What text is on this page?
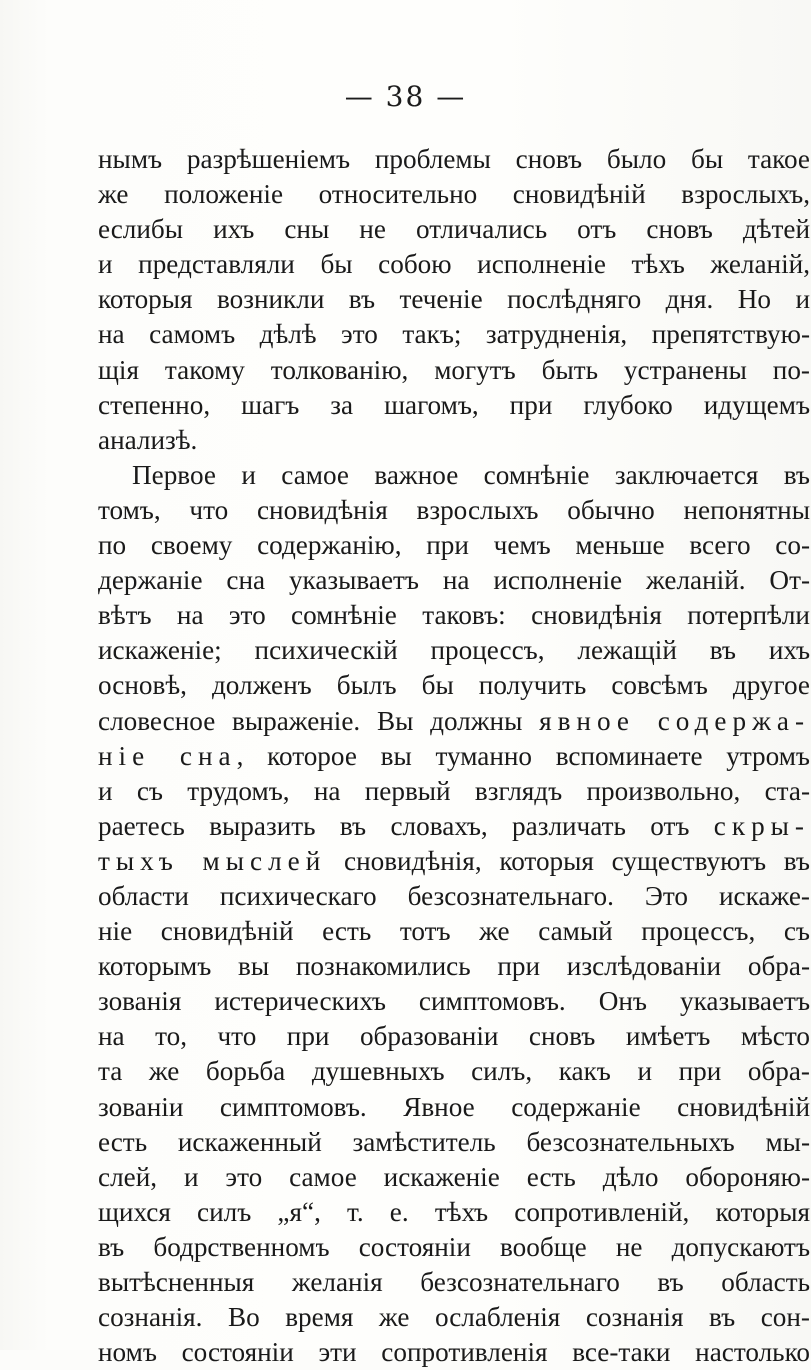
— 38 —
нымъ разрѣшеніемъ проблемы сновъ было бы такое
же положеніе относительно сновидѣній взрослыхъ,
еслибы ихъ сны не отличались отъ сновъ дѣтей
и представляли бы собою исполненіе тѣхъ желаній,
которыя возникли въ теченіе послѣдняго дня. Но и
на самомъ дѣлѣ это такъ; затрудненія, препятствую-
щія такому толкованію, могутъ быть устранены по-
степенно, шагъ за шагомъ, при глубоко идущемъ
анализѣ.
Первое и самое важное сомнѣніе заключается въ
томъ, что сновидѣнія взрослыхъ обычно непонятны
по своему содержанію, при чемъ меньше всего со-
держаніе сна указываетъ на исполненіе желаній. От-
вѣтъ на это сомнѣніе таковъ: сновидѣнія потерпѣли
искаженіе; психическій процессъ, лежащій въ ихъ
основѣ, долженъ былъ бы получить совсѣмъ другое
словесное выраженіе. Вы должны явное содержа-
ніе сна, которое вы туманно вспоминаете утромъ
и съ трудомъ, на первый взглядъ произвольно, ста-
раетесь выразить въ словахъ, различать отъ скры-
тыхъ мыслей сновидѣнія, которыя существуютъ въ
области психическаго безсознательнаго. Это искаже-
ніе сновидѣній есть тотъ же самый процессъ, съ
которымъ вы познакомились при изслѣдованіи обра-
зованія истерическихъ симптомовъ. Онъ указываетъ
на то, что при образованіи сновъ имѣетъ мѣсто
та же борьба душевныхъ силъ, какъ и при обра-
зованіи симптомовъ. Явное содержаніе сновидѣній
есть искаженный замѣститель безсознательныхъ мы-
слей, и это самое искаженіе есть дѣло обороняю-
щихся силъ „я“, т. е. тѣхъ сопротивленій, которыя
въ бодрственномъ состояніи вообще не допускаютъ
вытѣсненныя желанія безсознательнаго въ область
сознанія. Во время же ослабленія сознанія въ сон-
номъ состояніи эти сопротивленія все-таки настолько
